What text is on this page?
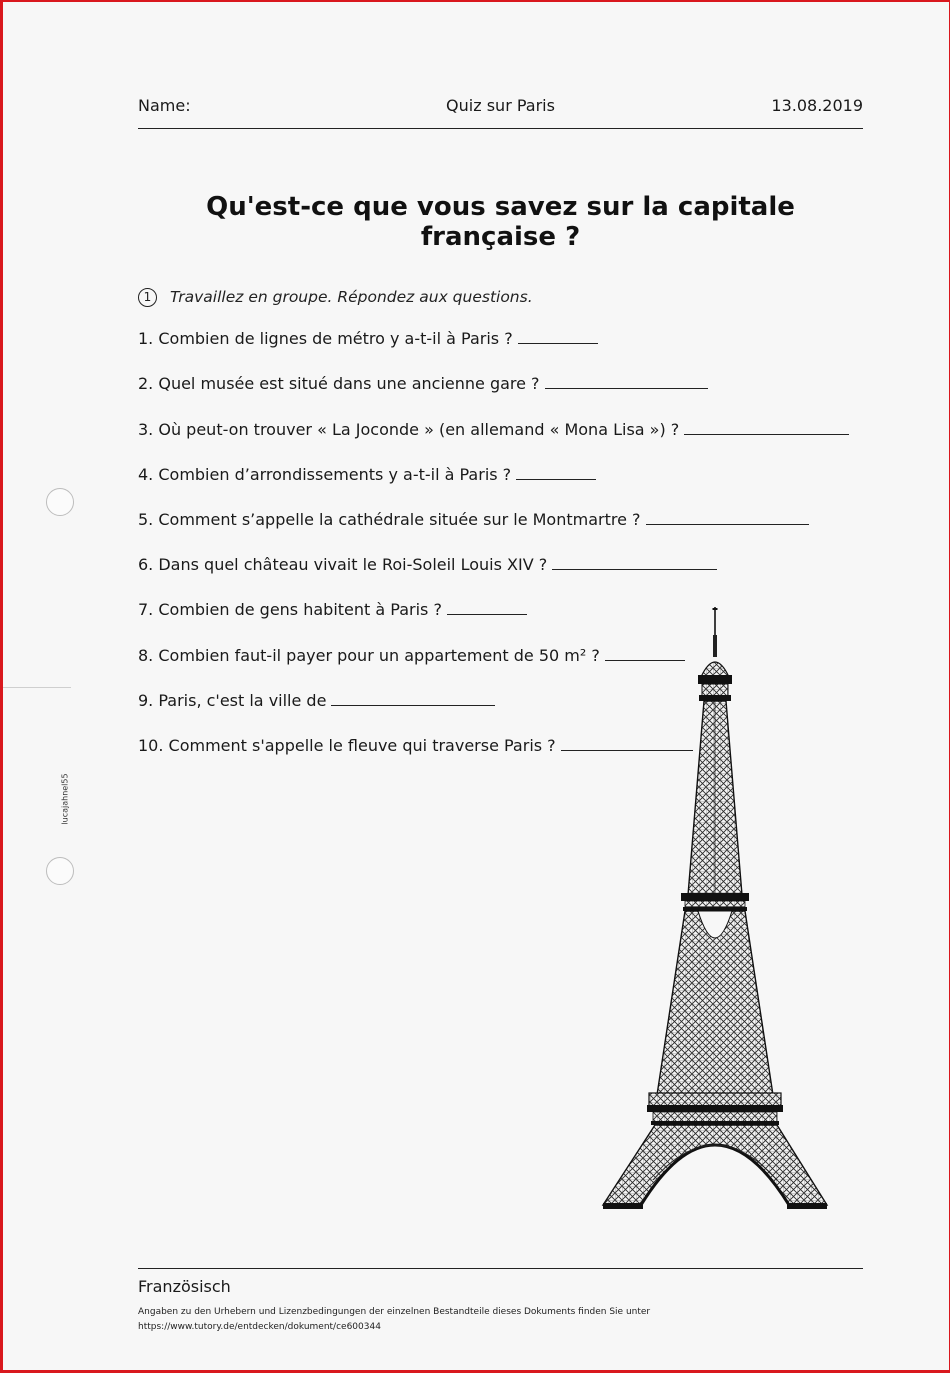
Name:	Quiz sur Paris	13.08.2019
Qu'est-ce que vous savez sur la capitale française ?
1	Travaillez en groupe. Répondez aux questions.
1. Combien de lignes de métro y a-t-il à Paris ?
2. Quel musée est situé dans une ancienne gare ?
3. Où peut-on trouver « La Joconde » (en allemand « Mona Lisa ») ?
4. Combien d’arrondissements y a-t-il à Paris ?
5. Comment s’appelle la cathédrale située sur le Montmartre ?
6. Dans quel château vivait le Roi-Soleil Louis XIV ?
7. Combien de gens habitent à Paris ?
8. Combien faut-il payer pour un appartement de 50 m² ?
9. Paris, c'est la ville de
10. Comment s'appelle le fleuve qui traverse Paris ?
lucajahnel55
Französisch
Angaben zu den Urhebern und Lizenzbedingungen der einzelnen Bestandteile dieses Dokuments finden Sie unter
https://www.tutory.de/entdecken/dokument/ce600344
